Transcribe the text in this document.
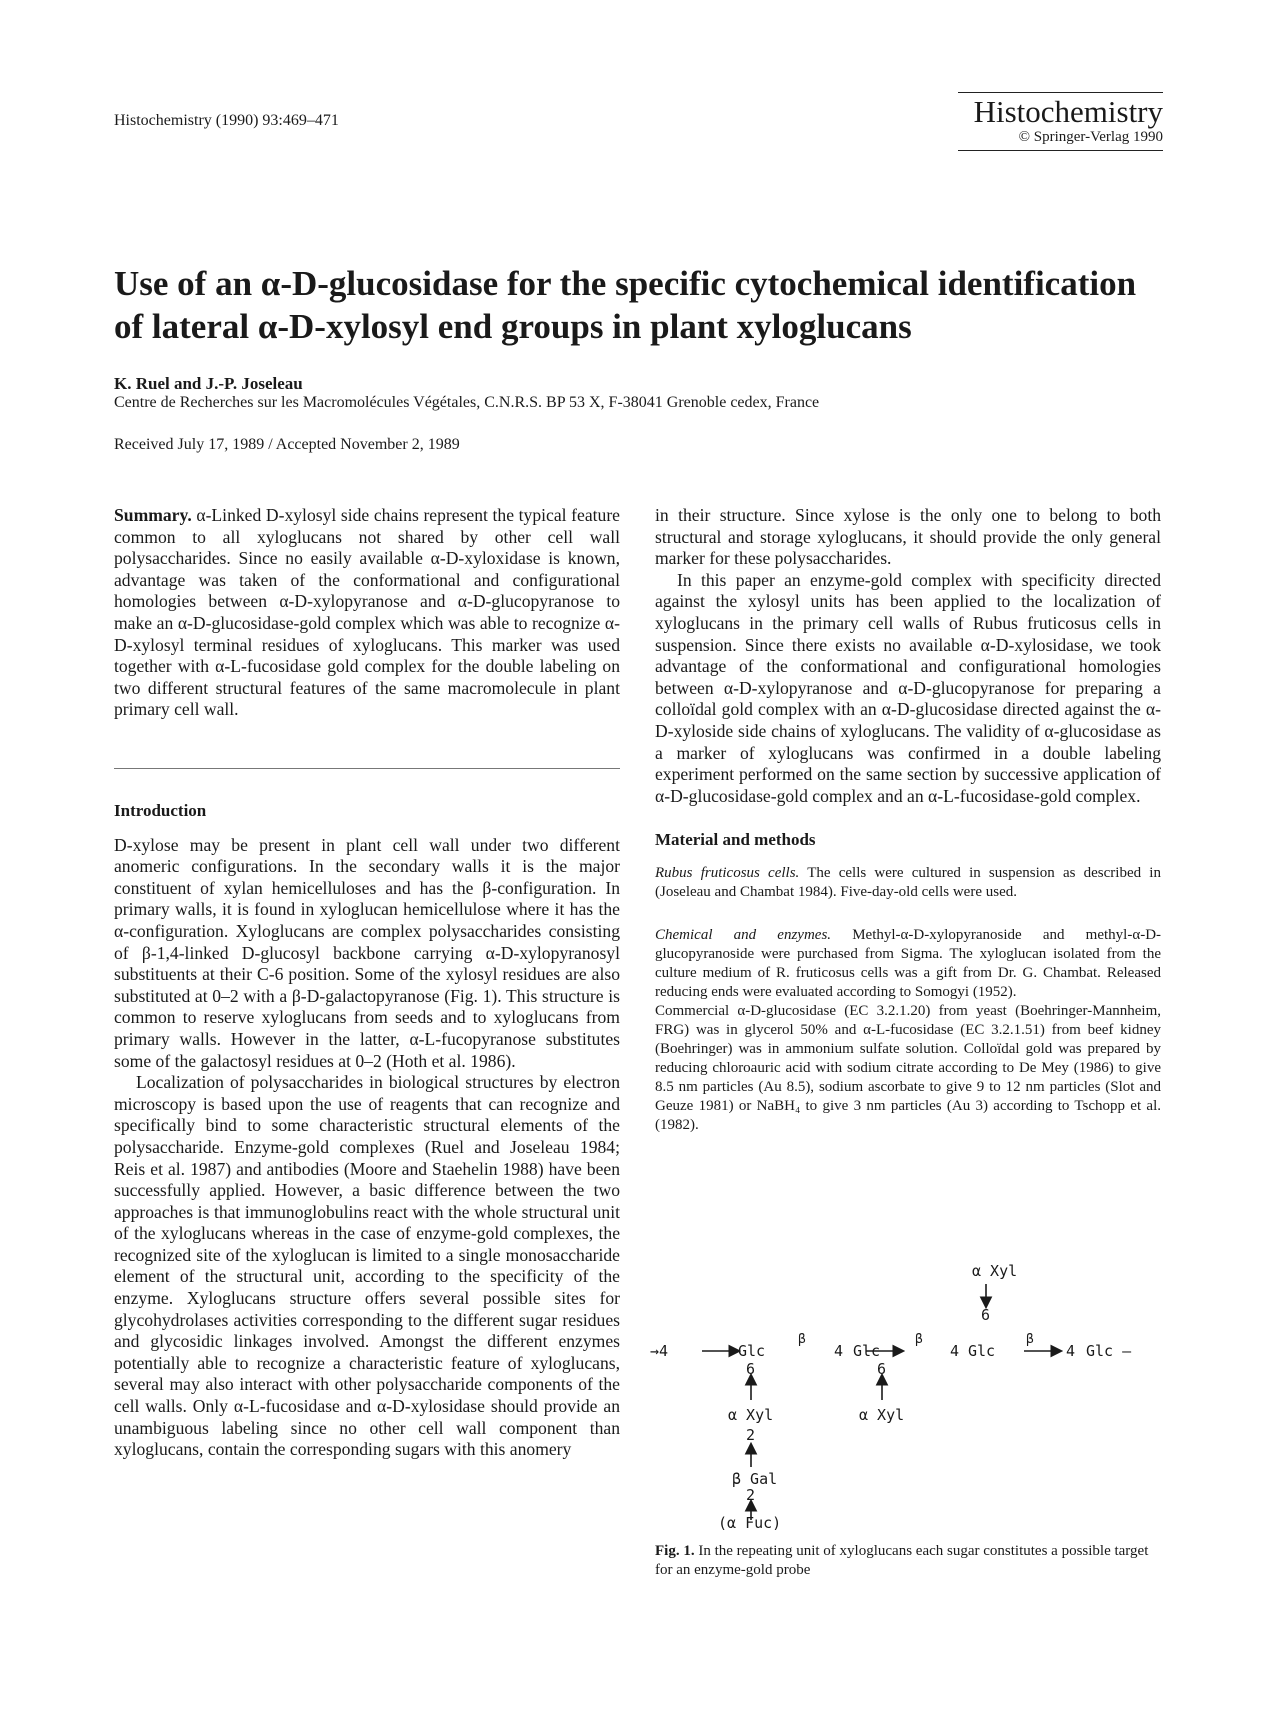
Histochemistry (1990) 93:469–471	Histochemistry
© Springer-Verlag 1990
Use of an α-D-glucosidase for the specific cytochemical identification
of lateral α-D-xylosyl end groups in plant xyloglucans
K. Ruel and J.-P. Joseleau
Centre de Recherches sur les Macromolécules Végétales, C.N.R.S. BP 53 X, F-38041 Grenoble cedex, France
Received July 17, 1989 / Accepted November 2, 1989

Summary. α-Linked D-xylosyl side chains represent the typical feature common to all xyloglucans not shared by other cell wall polysaccharides. Since no easily available α-D-xyloxidase is known, advantage was taken of the conformational and configurational homologies between α-D-xylopyranose and α-D-glucopyranose to make an α-D-glucosidase-gold complex which was able to recognize α-D-xylosyl terminal residues of xyloglucans. This marker was used together with α-L-fucosidase gold complex for the double labeling on two different structural features of the same macromolecule in plant primary cell wall.

Introduction

D-xylose may be present in plant cell wall under two different anomeric configurations. In the secondary walls it is the major constituent of xylan hemicelluloses and has the β-configuration. In primary walls, it is found in xyloglucan hemicellulose where it has the α-configuration. Xyloglucans are complex polysaccharides consisting of β-1,4-linked D-glucosyl backbone carrying α-D-xylopyranosyl substituents at their C-6 position. Some of the xylosyl residues are also substituted at 0–2 with a β-D-galactopyranose (Fig. 1). This structure is common to reserve xyloglucans from seeds and to xyloglucans from primary walls. However in the latter, α-L-fucopyranose substitutes some of the galactosyl residues at 0–2 (Hoth et al. 1986).

Localization of polysaccharides in biological structures by electron microscopy is based upon the use of reagents that can recognize and specifically bind to some characteristic structural elements of the polysaccharide. Enzyme-gold complexes (Ruel and Joseleau 1984; Reis et al. 1987) and antibodies (Moore and Staehelin 1988) have been successfully applied. However, a basic difference between the two approaches is that immunoglobulins react with the whole structural unit of the xyloglucans whereas in the case of enzyme-gold complexes, the recognized site of the xyloglucan is limited to a single monosaccharide element of the structural unit, according to the specificity of the enzyme. Xyloglucans structure offers several possible sites for glycohydrolases activities corresponding to the different sugar residues and glycosidic linkages involved. Amongst the different enzymes potentially able to recognize a characteristic feature of xyloglucans, several may also interact with other polysaccharide components of the cell walls. Only α-L-fucosidase and α-D-xylosidase should provide an unambiguous labeling since no other cell wall component than xyloglucans, contain the corresponding sugars with this anomery

in their structure. Since xylose is the only one to belong to both structural and storage xyloglucans, it should provide the only general marker for these polysaccharides.

In this paper an enzyme-gold complex with specificity directed against the xylosyl units has been applied to the localization of xyloglucans in the primary cell walls of Rubus fruticosus cells in suspension. Since there exists no available α-D-xylosidase, we took advantage of the conformational and configurational homologies between α-D-xylopyranose and α-D-glucopyranose for preparing a colloïdal gold complex with an α-D-glucosidase directed against the α-D-xyloside side chains of xyloglucans. The validity of α-glucosidase as a marker of xyloglucans was confirmed in a double labeling experiment performed on the same section by successive application of α-D-glucosidase-gold complex and an α-L-fucosidase-gold complex.

Material and methods

Rubus fruticosus cells. The cells were cultured in suspension as described in (Joseleau and Chambat 1984). Five-day-old cells were used.

Chemical and enzymes. Methyl-α-D-xylopyranoside and methyl-α-D-glucopyranoside were purchased from Sigma. The xyloglucan isolated from the culture medium of R. fruticosus cells was a gift from Dr. G. Chambat. Released reducing ends were evaluated according to Somogyi (1952).

Commercial α-D-glucosidase (EC 3.2.1.20) from yeast (Boehringer-Mannheim, FRG) was in glycerol 50% and α-L-fucosidase (EC 3.2.1.51) from beef kidney (Boehringer) was in ammonium sulfate solution. Colloïdal gold was prepared by reducing chloroauric acid with sodium citrate according to De Mey (1986) to give 8.5 nm particles (Au 8.5), sodium ascorbate to give 9 to 12 nm particles (Slot and Geuze 1981) or NaBH₄ to give 3 nm particles (Au 3) according to Tschopp et al. (1982).

α Xyl
6
→4	Glc
β
4 Glc
β
4 Glc
β
4 Glc –
6	6
α Xyl	α Xyl
2
β Gal
2
(α Fuc)
Fig. 1. In the repeating unit of xyloglucans each sugar constitutes a possible target for an enzyme-gold probe
